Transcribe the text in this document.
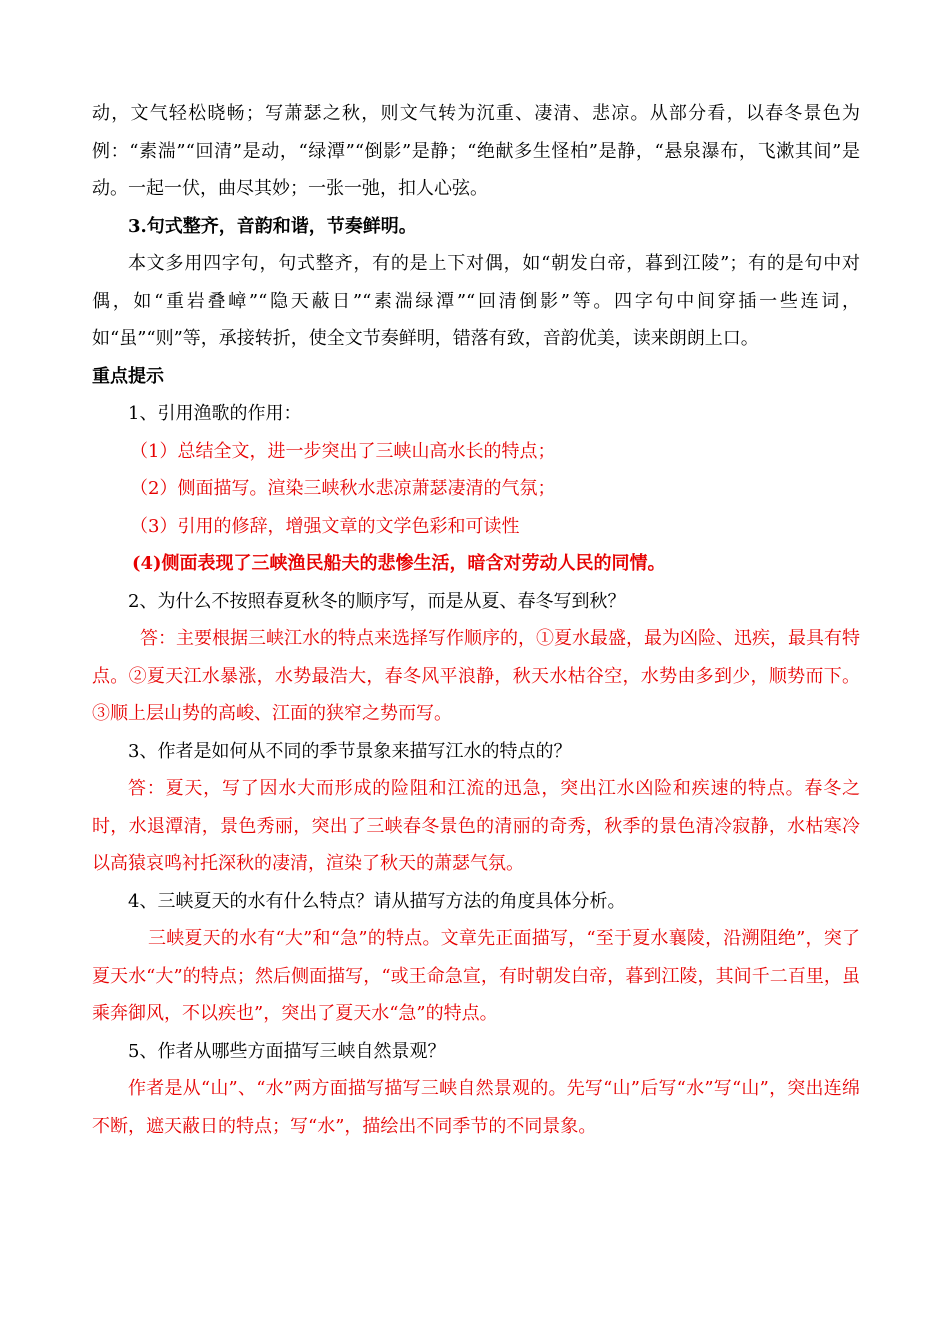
动，文气轻松晓畅；写萧瑟之秋，则文气转为沉重、凄清、悲凉。从部分看，以春冬景色为例：“素湍”“回清”是动，“绿潭”“倒影”是静；“绝献多生怪柏”是静，“悬泉瀑布，飞漱其间”是动。一起一伏，曲尽其妙；一张一弛，扣人心弦。

3.句式整齐，音韵和谐，节奏鲜明。

本文多用四字句，句式整齐，有的是上下对偶，如“朝发白帝，暮到江陵”；有的是句中对偶，如“重岩叠嶂”“隐天蔽日”“素湍绿潭”“回清倒影”等。四字句中间穿插一些连词，如“虽”“则”等，承接转折，使全文节奏鲜明，错落有致，音韵优美，读来朗朗上口。

重点提示

1、引用渔歌的作用：

（1）总结全文，进一步突出了三峡山高水长的特点；

（2）侧面描写。渲染三峡秋水悲凉萧瑟凄清的气氛；

（3）引用的修辞，增强文章的文学色彩和可读性

(4)侧面表现了三峡渔民船夫的悲惨生活，暗含对劳动人民的同情。

2、为什么不按照春夏秋冬的顺序写，而是从夏、春冬写到秋？

答：主要根据三峡江水的特点来选择写作顺序的，①夏水最盛，最为凶险、迅疾，最具有特点。②夏天江水暴涨，水势最浩大，春冬风平浪静，秋天水枯谷空，水势由多到少，顺势而下。③顺上层山势的高峻、江面的狭窄之势而写。

3、作者是如何从不同的季节景象来描写江水的特点的？

答：夏天，写了因水大而形成的险阻和江流的迅急，突出江水凶险和疾速的特点。春冬之时，水退潭清，景色秀丽，突出了三峡春冬景色的清丽的奇秀，秋季的景色清冷寂静，水枯寒冷以高猿哀鸣衬托深秋的凄清，渲染了秋天的萧瑟气氛。

4、三峡夏天的水有什么特点？请从描写方法的角度具体分析。

三峡夏天的水有“大”和“急”的特点。文章先正面描写，“至于夏水襄陵，沿溯阻绝”，突了夏天水“大”的特点；然后侧面描写，“或王命急宣，有时朝发白帝，暮到江陵，其间千二百里，虽乘奔御风，不以疾也”，突出了夏天水“急”的特点。

5、作者从哪些方面描写三峡自然景观？

作者是从“山”、“水”两方面描写描写三峡自然景观的。先写“山”后写“水”写“山”，突出连绵不断，遮天蔽日的特点；写“水”，描绘出不同季节的不同景象。
